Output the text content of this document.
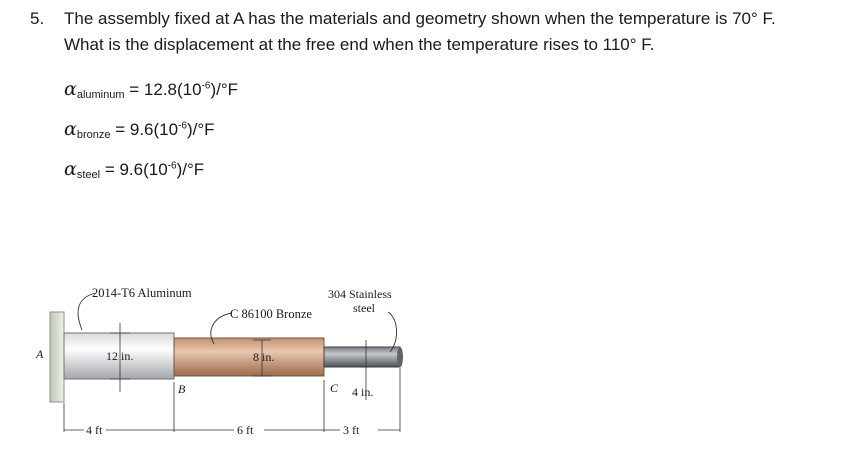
5. The assembly fixed at A has the materials and geometry shown when the temperature is 70° F.
What is the displacement at the free end when the temperature rises to 110° F.
αaluminum = $12.8(10^{-6})/^\circ F$
αbronze = $9.6(10^{-6})/^\circ F$
αsteel = $9.6(10^{-6})/^\circ F$
2014-T6 Aluminum
C 86100 Bronze
304 Stainless
steel
A
B	C
12 in.	8 in.
4 in.
4 ft	6 ft	3 ft
